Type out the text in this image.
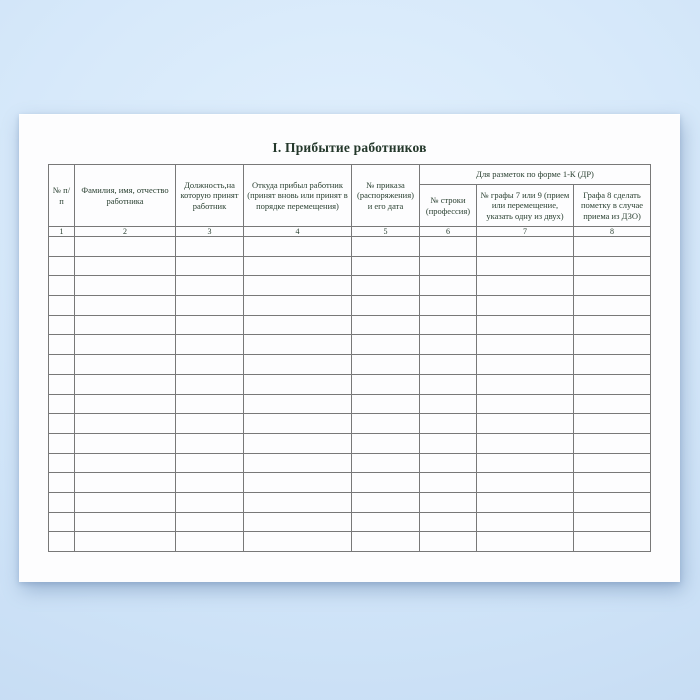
I. Прибытие работников
№ п/п	Фамилия, имя, отчество работника	Должность,на которую принят работник	Откуда прибыл работник (принят вновь или принят в порядке перемещения)	№ приказа (распоряжения) и его дата	Для разметок по форме 1-К (ДР)		
					№ строки (профессия)	№ графы 7 или 9 (прием или перемещение, указать одну из двух)	Графа 8 сделать пометку в случае приема из ДЗО)
1	2	3	4	5	6	7	8
